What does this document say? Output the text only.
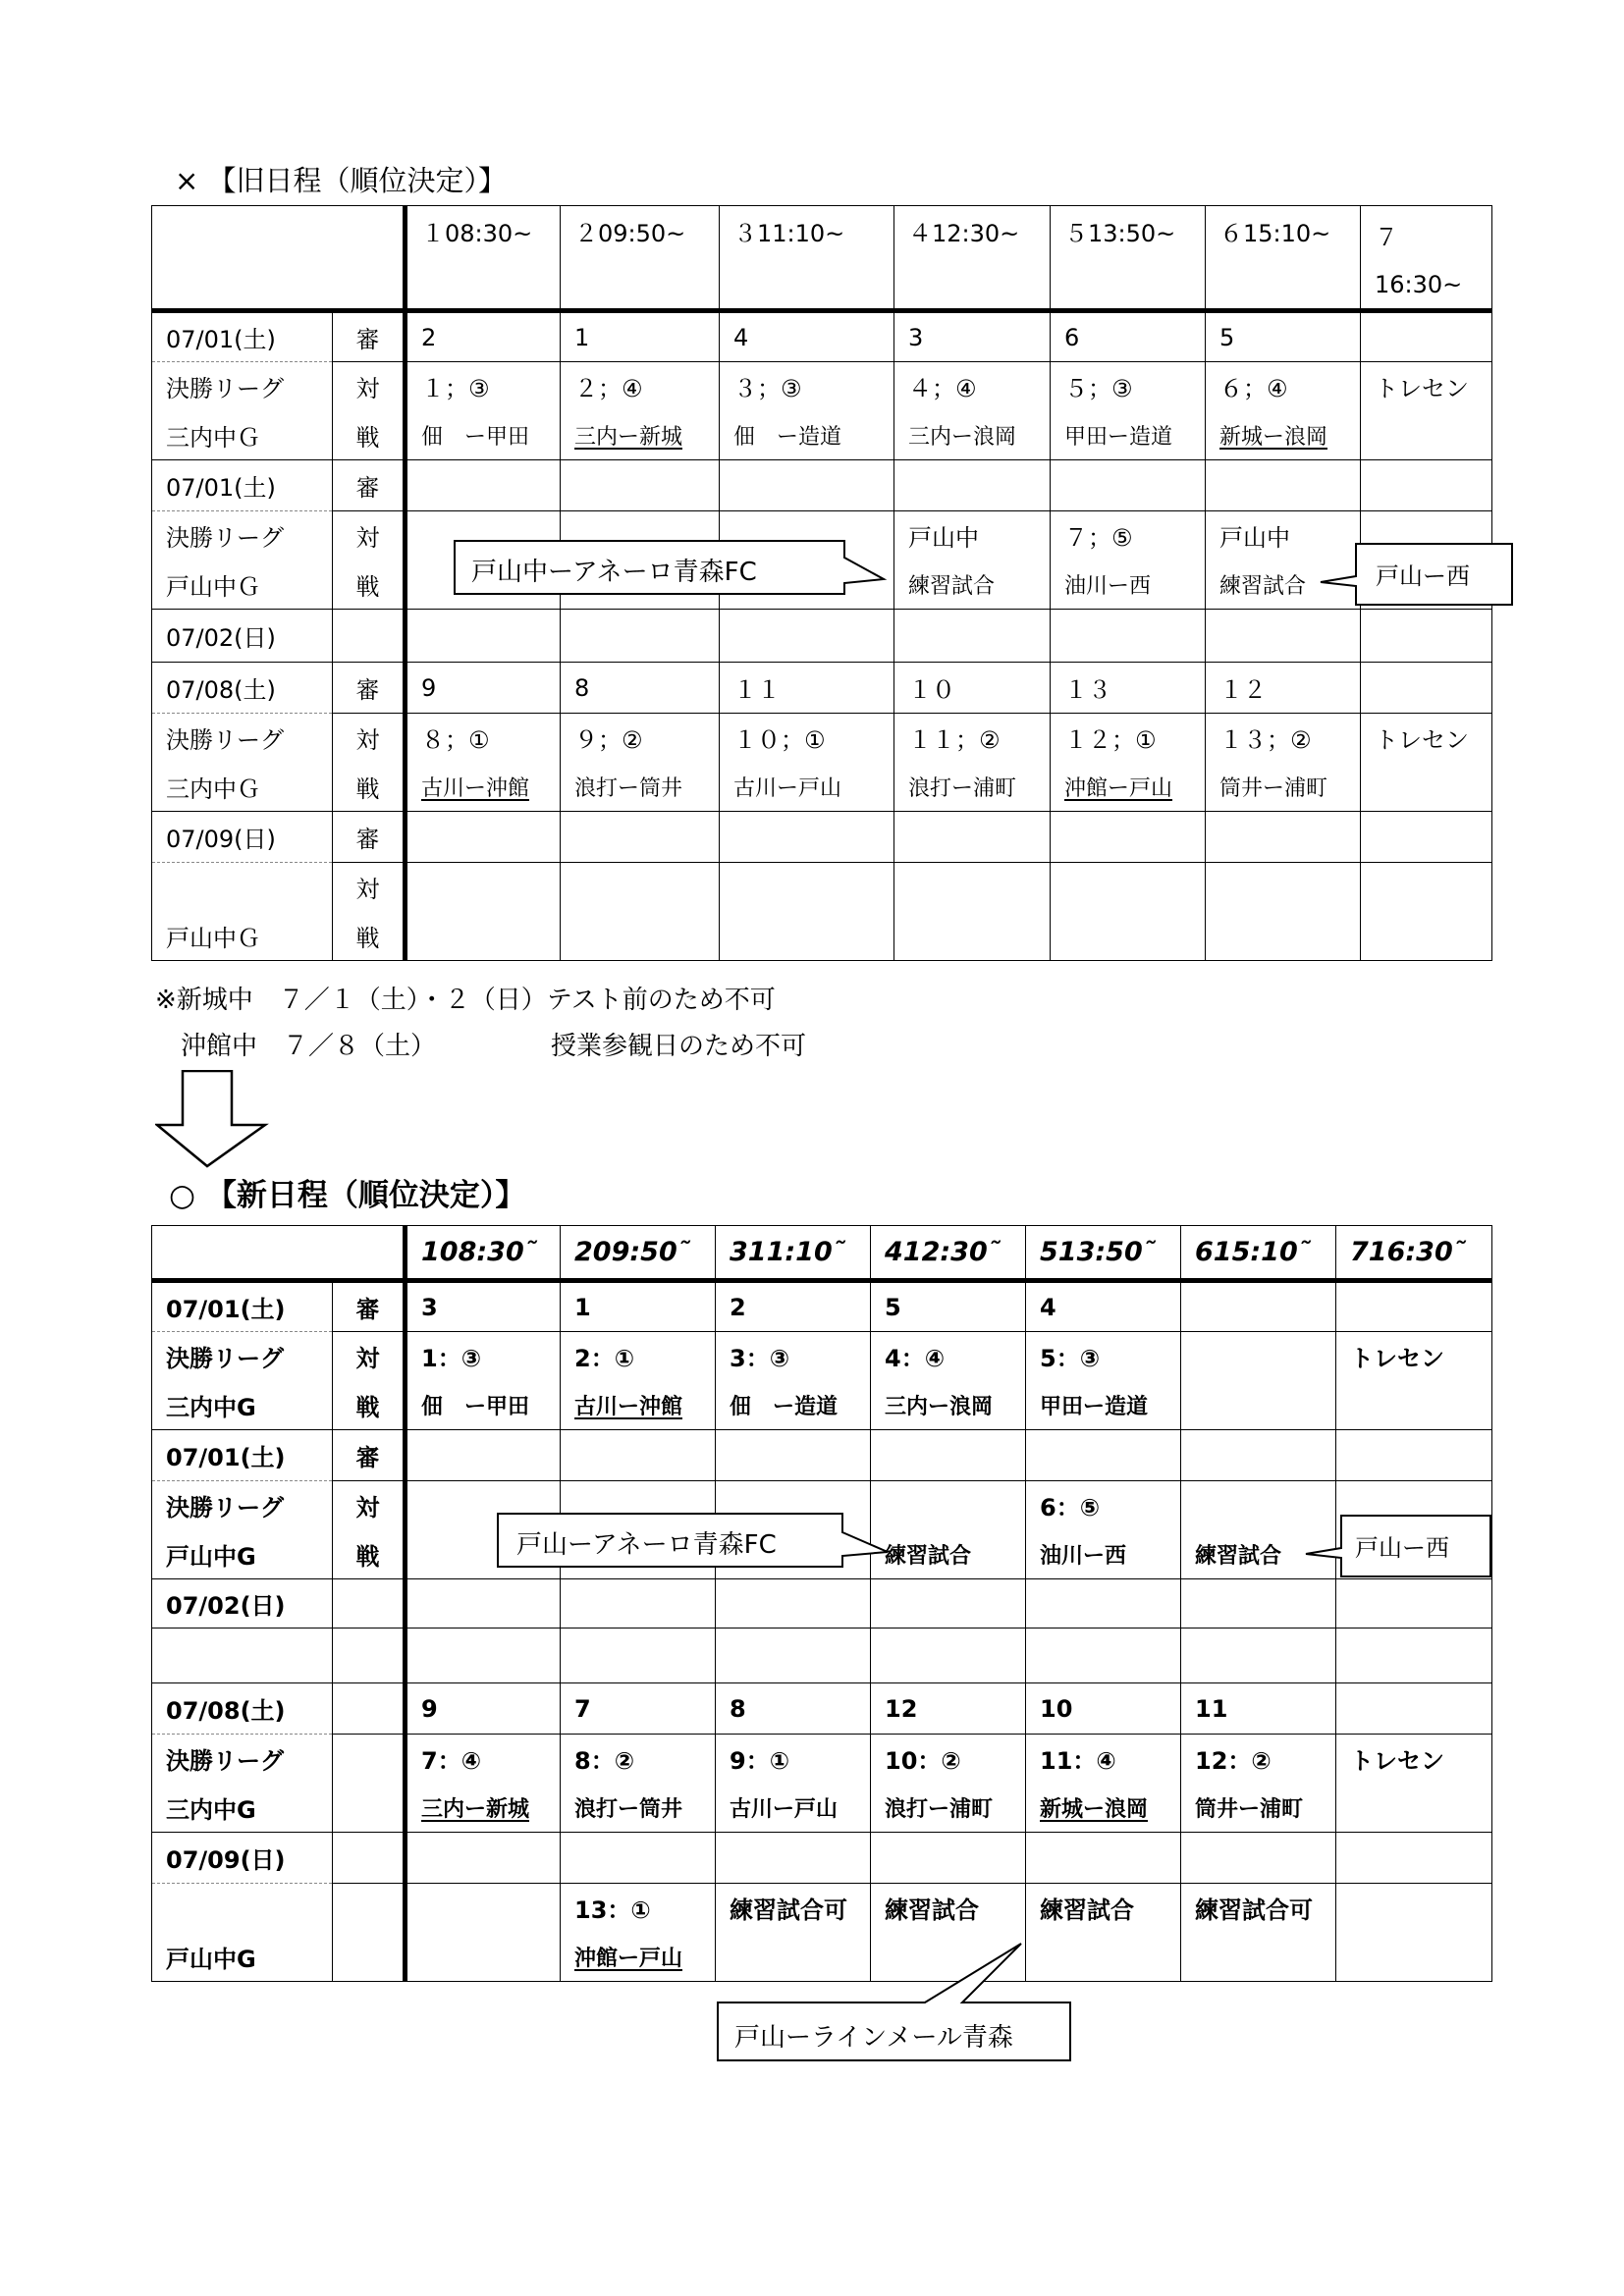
× 【旧日程（順位決定）】
		１08:30~	２09:50~	３11:10~	４12:30~	５13:50~	６15:10~	７
16:30~
07/01(土)	審	2	1	4	3	6	5	
決勝リーグ	対	１；③	２；④	３；③	４；④	５；③	６；④	トレセン
三内中Ｇ	戦	佃　ー甲田	三内ー新城	佃　ー造道	三内ー浪岡	甲田ー造道	新城ー浪岡	
07/01(土)	審							
決勝リーグ	対				戸山中	７；⑤	戸山中	
戸山中Ｇ	戦				練習試合	油川ー西	練習試合	
07/02(日)								
07/08(土)	審	9	8	１１	１０	１３	１２	
決勝リーグ	対	８；①	９；②	１０；①	１１；②	１２；①	１３；②	トレセン
三内中Ｇ	戦	古川ー沖館	浪打ー筒井	古川ー戸山	浪打ー浦町	沖館ー戸山	筒井ー浦町	
07/09(日)	審							
	対							
戸山中Ｇ	戦							
戸山中ーアネーロ青森FC	戸山ー西
※新城中　７／１（土）・２（日）テスト前のため不可
　沖館中　７／８（土）　　　　　授業参観日のため不可
○ 【新日程（順位決定）】
		108:30˜	209:50˜	311:10˜	412:30˜	513:50˜	615:10˜	716:30˜
07/01(土)	審	3	1	2	5	4		
決勝リーグ	対	1：③	2：①	3：③	4：④	5：③		トレセン
三内中G	戦	佃　ー甲田	古川ー沖館	佃　ー造道	三内ー浪岡	甲田ー造道		
07/01(土)	審							
決勝リーグ	対					6：⑤		
戸山中G	戦				練習試合	油川ー西	練習試合	
07/02(日)								

07/08(土)		9	7	8	12	10	11	
決勝リーグ		7：④	8：②	9：①	10：②	11：④	12：②	トレセン
三内中G		三内ー新城	浪打ー筒井	古川ー戸山	浪打ー浦町	新城ー浪岡	筒井ー浦町	
07/09(日)								
			13：①	練習試合可	練習試合	練習試合	練習試合可	
戸山中G			沖館ー戸山					
戸山ーアネーロ青森FC	戸山ー西
戸山ーラインメール青森
